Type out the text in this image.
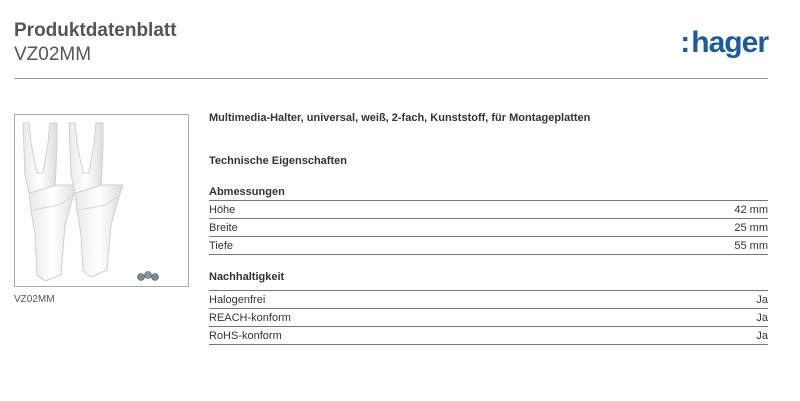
Produktdatenblatt
VZ02MM	:hager
VZ02MM
Multimedia-Halter, universal, weiß, 2-fach, Kunststoff, für Montageplatten
Technische Eigenschaften
Abmessungen
Höhe	42 mm
Breite	25 mm
Tiefe	55 mm
Nachhaltigkeit
Halogenfrei	Ja
REACH-konform	Ja
RoHS-konform	Ja
